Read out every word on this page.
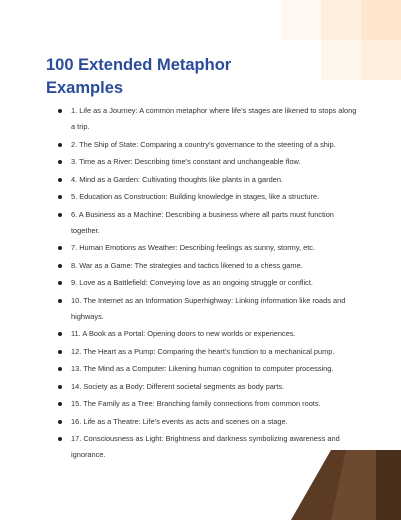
100 Extended Metaphor
Examples
1. Life as a Journey: A common metaphor where life’s stages are likened to stops along a trip.
2. The Ship of State: Comparing a country’s governance to the steering of a ship.
3. Time as a River: Describing time’s constant and unchangeable flow.
4. Mind as a Garden: Cultivating thoughts like plants in a garden.
5. Education as Construction: Building knowledge in stages, like a structure.
6. A Business as a Machine: Describing a business where all parts must function together.
7. Human Emotions as Weather: Describing feelings as sunny, stormy, etc.
8. War as a Game: The strategies and tactics likened to a chess game.
9. Love as a Battlefield: Conveying love as an ongoing struggle or conflict.
10. The Internet as an Information Superhighway: Linking information like roads and highways.
11. A Book as a Portal: Opening doors to new worlds or experiences.
12. The Heart as a Pump: Comparing the heart’s function to a mechanical pump.
13. The Mind as a Computer: Likening human cognition to computer processing.
14. Society as a Body: Different societal segments as body parts.
15. The Family as a Tree: Branching family connections from common roots.
16. Life as a Theatre: Life’s events as acts and scenes on a stage.
17. Consciousness as Light: Brightness and darkness symbolizing awareness and ignorance.
